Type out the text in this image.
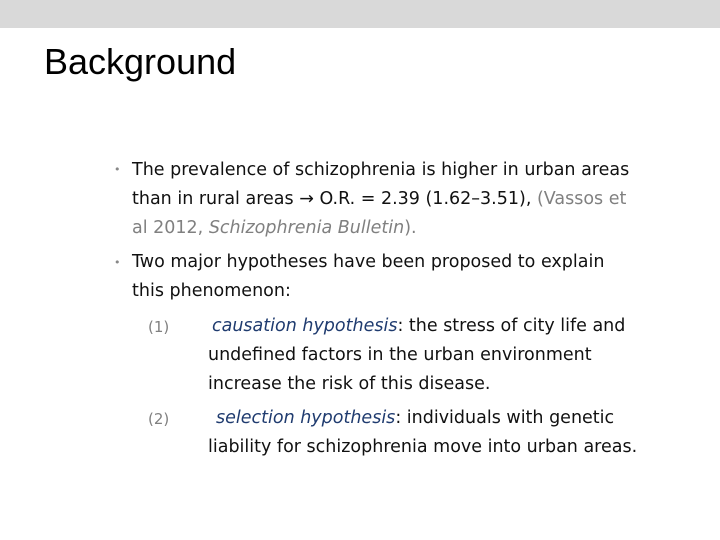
Background
• The prevalence of schizophrenia is higher in urban areas
than in rural areas → O.R. = 2.39 (1.62–3.51), (Vassos et
al 2012, Schizophrenia Bulletin).
• Two major hypotheses have been proposed to explain
this phenomenon:
(1) causation hypothesis: the stress of city life and
undefined factors in the urban environment
increase the risk of this disease.
(2)	selection hypothesis: individuals with genetic
liability for schizophrenia move into urban areas.
